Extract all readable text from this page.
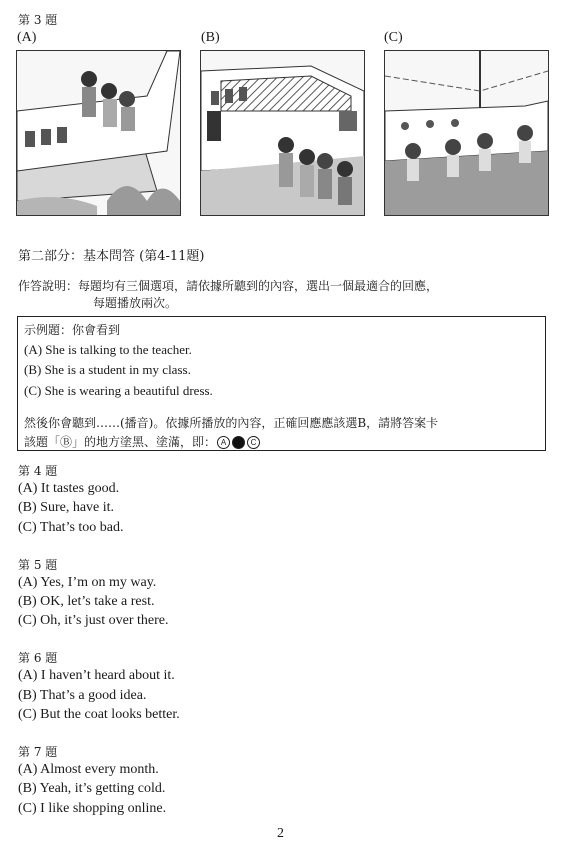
第 3 題
(A)	(B)	(C)
第二部分：基本問答 (第4-11題)
作答說明：每題均有三個選項，請依據所聽到的內容，選出一個最適合的回應，
每題播放兩次。
示例題：你會看到
(A) She is talking to the teacher.
(B) She is a student in my class.
(C) She is wearing a beautiful dress.
然後你會聽到……(播音)。依據所播放的內容，正確回應應該選B，請將答案卡
該題「Ⓑ」的地方塗黑、塗滿，即： A	C
第 4 題
(A) It tastes good.
(B) Sure, have it.
(C) That’s too bad.
第 5 題
(A) Yes, I’m on my way.
(B) OK, let’s take a rest.
(C) Oh, it’s just over there.
第 6 題
(A) I haven’t heard about it.
(B) That’s a good idea.
(C) But the coat looks better.
第 7 題
(A) Almost every month.
(B) Yeah, it’s getting cold.
(C) I like shopping online.
2
